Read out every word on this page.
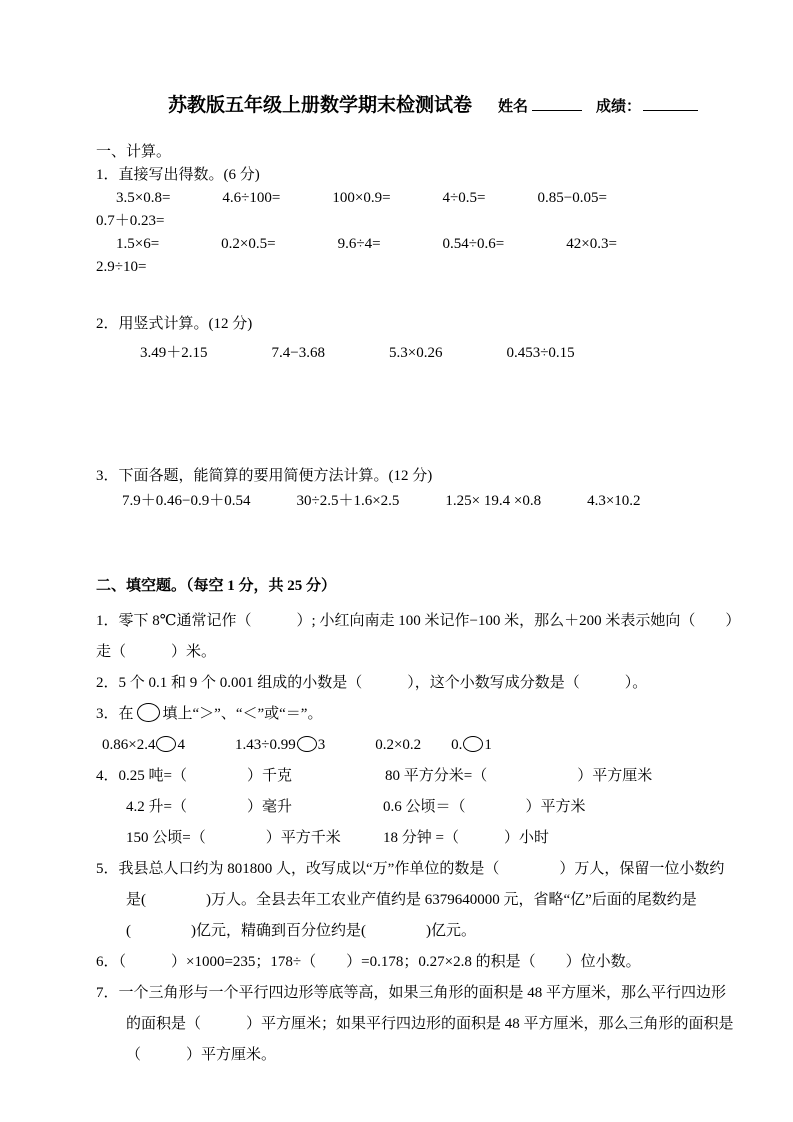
苏教版五年级上册数学期末检测试卷 姓名	成绩：
一、计算。
1．直接写出得数。(6 分)
3.5×0.8=	4.6÷100=	100×0.9=	4÷0.5=	0.85−0.05=
0.7＋0.23=
1.5×6=	0.2×0.5=	9.6÷4=	0.54÷0.6=	42×0.3=
2.9÷10=
2．用竖式计算。(12 分)
3.49＋2.15	7.4−3.68	5.3×0.26	0.453÷0.15
3．下面各题，能简算的要用简便方法计算。(12 分)
7.9＋0.46−0.9＋0.54	30÷2.5＋1.6×2.5	1.25× 19.4 ×0.8	4.3×10.2
二、填空题。（每空 1 分，共 25 分）
1．零下 8℃通常记作（　　　）; 小红向南走 100 米记作−100 米，那么＋200 米表示她向（　　）
走（　　　）米。
2．5 个 0.1 和 9 个 0.001 组成的小数是（　　　），这个小数写成分数是（　　　）。
3．在 填上“＞”、“＜”或“＝”。
0.86×2.4 4	1.43÷0.99 3	0.2×0.2　　0. 1
4．0.25 吨=（　　　　）千克	80 平方分米=（　　　　　　）平方厘米
4.2 升=（　　　　）毫升	0.6 公顷＝（　　　　）平方米
150 公顷=（　　　　）平方千米	18 分钟 =（　　　）小时
5．我县总人口约为 801800 人，改写成以“万”作单位的数是（　　　　）万人，保留一位小数约
是(　　　　)万人。全县去年工农业产值约是 6379640000 元，省略“亿”后面的尾数约是
(　　　　)亿元，精确到百分位约是(　　　　)亿元。
6．（　　　）×1000=235；178÷（　　）=0.178；0.27×2.8 的积是（　　）位小数。
7．一个三角形与一个平行四边形等底等高，如果三角形的面积是 48 平方厘米，那么平行四边形
的面积是（　　　）平方厘米；如果平行四边形的面积是 48 平方厘米，那么三角形的面积是
（　　　）平方厘米。
